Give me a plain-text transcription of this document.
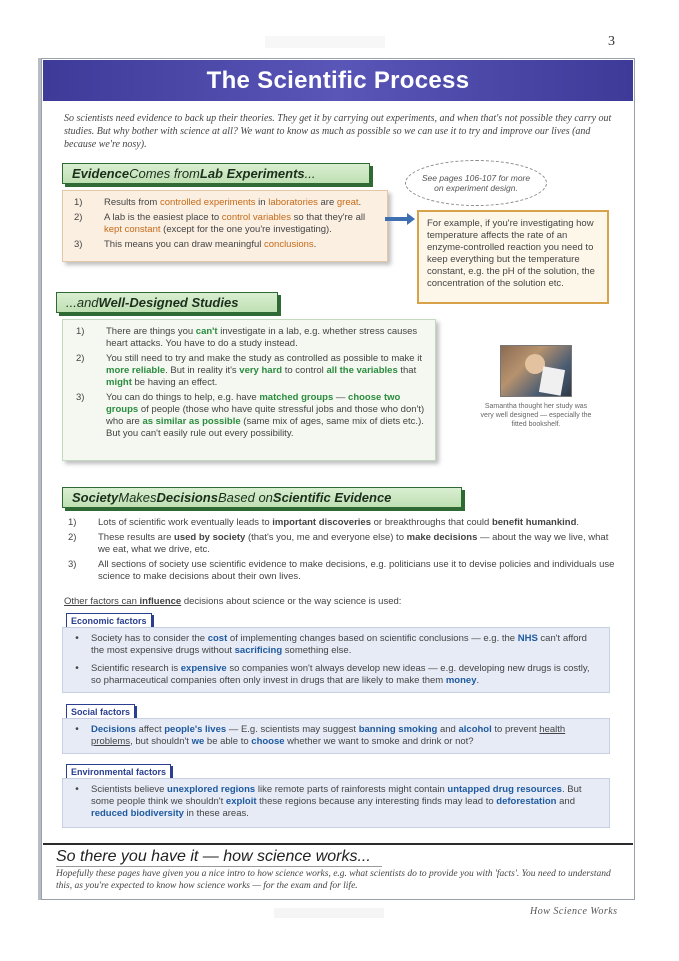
3
The Scientific Process
So scientists need evidence to back up their theories. They get it by carrying out experiments, and when that's not possible they carry out studies. But why bother with science at all? We want to know as much as possible so we can use it to try and improve our lives (and because we're nosy).
Evidence Comes from Lab Experiments ...
1)	Results from controlled experiments in laboratories are great.
2)	A lab is the easiest place to control variables so that they're all kept constant (except for the one you're investigating).
3)	This means you can draw meaningful conclusions.
See pages 106-107 for more on experiment design.
For example, if you're investigating how temperature affects the rate of an enzyme-controlled reaction you need to keep everything but the temperature constant, e.g. the pH of the solution, the concentration of the solution etc.
...and Well-Designed Studies
1)	There are things you can't investigate in a lab, e.g. whether stress causes heart attacks. You have to do a study instead.
2)	You still need to try and make the study as controlled as possible to make it more reliable. But in reality it's very hard to control all the variables that might be having an effect.
3)	You can do things to help, e.g. have matched groups — choose two groups of people (those who have quite stressful jobs and those who don't) who are as similar as possible (same mix of ages, same mix of diets etc.). But you can't easily rule out every possibility.
Samantha thought her study was very well designed — especially the fitted bookshelf.
Society Makes Decisions Based on Scientific Evidence
1)	Lots of scientific work eventually leads to important discoveries or breakthroughs that could benefit humankind.
2)	These results are used by society (that's you, me and everyone else) to make decisions — about the way we live, what we eat, what we drive, etc.
3)	All sections of society use scientific evidence to make decisions, e.g. politicians use it to devise policies and individuals use science to make decisions about their own lives.
Other factors can influence decisions about science or the way science is used:
Economic factors
•	Society has to consider the cost of implementing changes based on scientific conclusions — e.g. the NHS can't afford the most expensive drugs without sacrificing something else.
•	Scientific research is expensive so companies won't always develop new ideas — e.g. developing new drugs is costly, so pharmaceutical companies often only invest in drugs that are likely to make them money.
Social factors
•	Decisions affect people's lives — E.g. scientists may suggest banning smoking and alcohol to prevent health problems, but shouldn't we be able to choose whether we want to smoke and drink or not?
Environmental factors
•	Scientists believe unexplored regions like remote parts of rainforests might contain untapped drug resources. But some people think we shouldn't exploit these regions because any interesting finds may lead to deforestation and reduced biodiversity in these areas.
So there you have it — how science works...
Hopefully these pages have given you a nice intro to how science works, e.g. what scientists do to provide you with 'facts'. You need to understand this, as you're expected to know how science works — for the exam and for life.
How Science Works
